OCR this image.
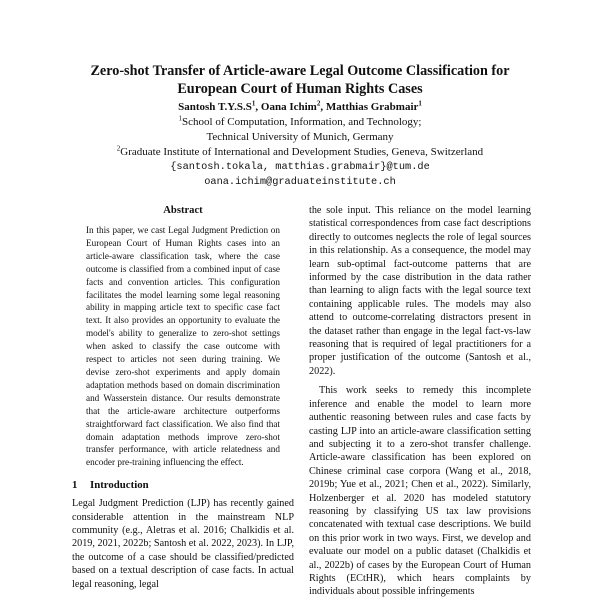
Zero-shot Transfer of Article-aware Legal Outcome Classification for
European Court of Human Rights Cases
Santosh $T.Y.S.S^1$, Oana Ichim$^2$, Matthias Grabmair$^1$
$^1$School of Computation, Information, and Technology;
Technical University of Munich, Germany
$^2$Graduate Institute of International and Development Studies, Geneva, Switzerland
{santosh.tokala, matthias.grabmair}@tum.de
oana.ichim@graduateinstitute.ch
Abstract

In this paper, we cast Legal Judgment Prediction on European Court of Human Rights cases into an article-aware classification task, where the case outcome is classified from a combined input of case facts and convention articles. This configuration facilitates the model learning some legal reasoning ability in mapping article text to specific case fact text. It also provides an opportunity to evaluate the model's ability to generalize to zero-shot settings when asked to classify the case outcome with respect to articles not seen during training. We devise zero-shot experiments and apply domain adaptation methods based on domain discrimination and Wasserstein distance. Our results demonstrate that the article-aware architecture outperforms straightforward fact classification. We also find that domain adaptation methods improve zero-shot transfer performance, with article relatedness and encoder pre-training influencing the effect.

1 Introduction

Legal Judgment Prediction (LJP) has recently gained considerable attention in the mainstream NLP community (e.g., Aletras et al. 2016; Chalkidis et al. 2019, 2021, 2022b; Santosh et al. 2022, 2023). In LJP, the outcome of a case should be classified/predicted based on a textual description of case facts. In actual legal reasoning, legal

the sole input. This reliance on the model learning statistical correspondences from case fact descriptions directly to outcomes neglects the role of legal sources in this relationship. As a consequence, the model may learn sub-optimal fact-outcome patterns that are informed by the case distribution in the data rather than learning to align facts with the legal source text containing applicable rules. The models may also attend to outcome-correlating distractors present in the dataset rather than engage in the legal fact-vs-law reasoning that is required of legal practitioners for a proper justification of the outcome (Santosh et al., 2022).

This work seeks to remedy this incomplete inference and enable the model to learn more authentic reasoning between rules and case facts by casting LJP into an article-aware classification setting and subjecting it to a zero-shot transfer challenge. Article-aware classification has been explored on Chinese criminal case corpora (Wang et al., 2018, 2019b; Yue et al., 2021; Chen et al., 2022). Similarly, Holzenberger et al. 2020 has modeled statutory reasoning by classifying US tax law provisions concatenated with textual case descriptions. We build on this prior work in two ways. First, we develop and evaluate our model on a public dataset (Chalkidis et al., 2022b) of cases by the European Court of Human Rights (ECtHR), which hears complaints by individuals about possible infringements
